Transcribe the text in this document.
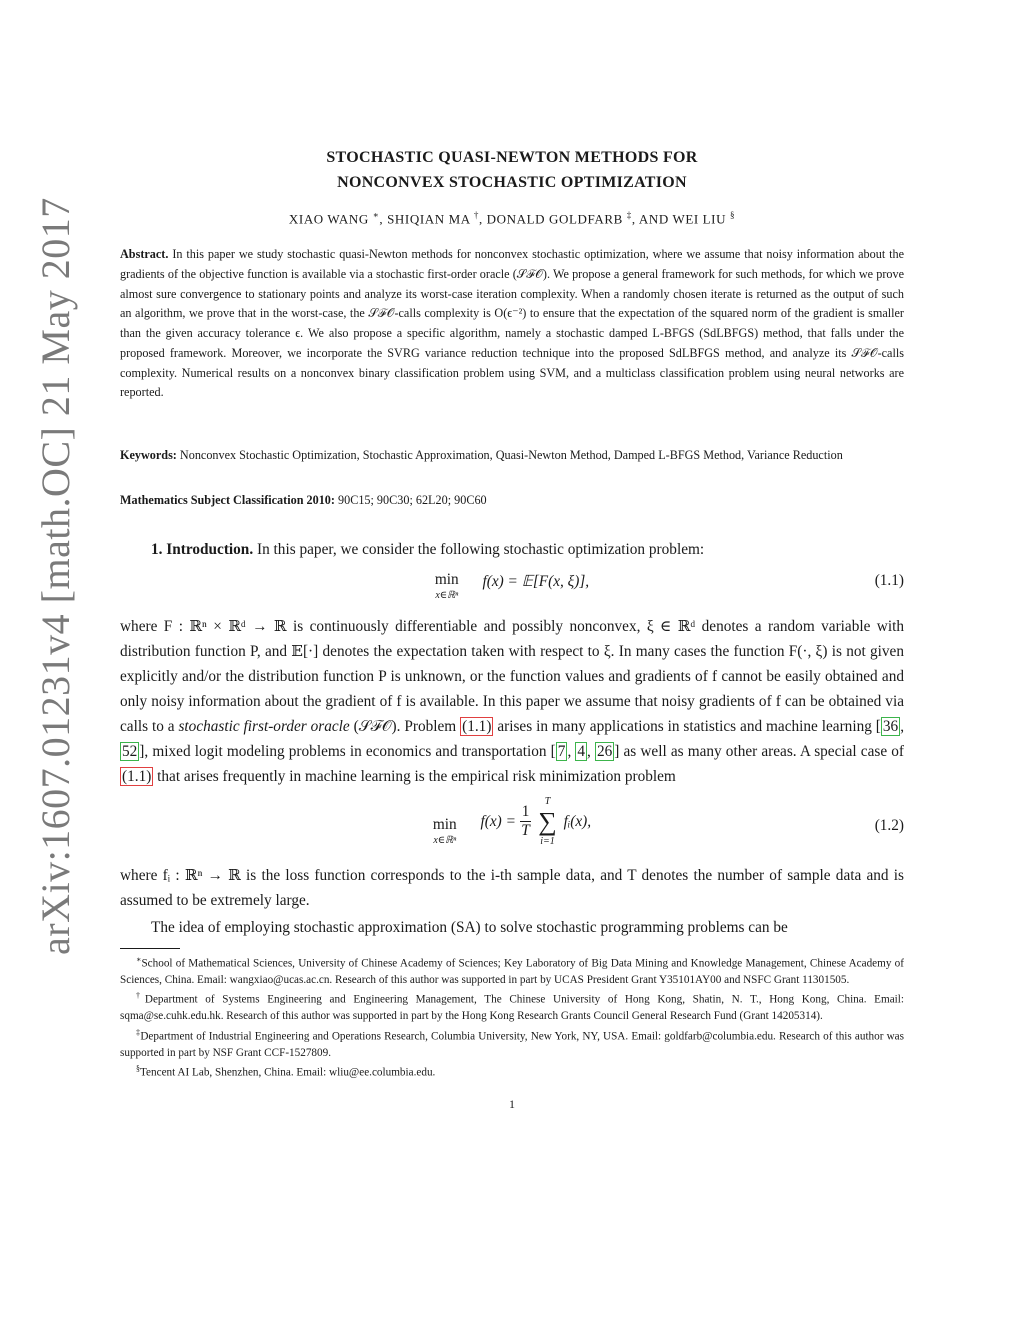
arXiv:1607.01231v4 [math.OC] 21 May 2017
STOCHASTIC QUASI-NEWTON METHODS FOR
NONCONVEX STOCHASTIC OPTIMIZATION
XIAO WANG ∗, SHIQIAN MA †, DONALD GOLDFARB ‡, AND WEI LIU §
Abstract. In this paper we study stochastic quasi-Newton methods for nonconvex stochastic optimization, where we assume that noisy information about the gradients of the objective function is available via a stochastic first-order oracle (𝒮ℱ𝒪). We propose a general framework for such methods, for which we prove almost sure convergence to stationary points and analyze its worst-case iteration complexity. When a randomly chosen iterate is returned as the output of such an algorithm, we prove that in the worst-case, the 𝒮ℱ𝒪-calls complexity is O(ϵ⁻²) to ensure that the expectation of the squared norm of the gradient is smaller than the given accuracy tolerance ϵ. We also propose a specific algorithm, namely a stochastic damped L-BFGS (SdLBFGS) method, that falls under the proposed framework. Moreover, we incorporate the SVRG variance reduction technique into the proposed SdLBFGS method, and analyze its 𝒮ℱ𝒪-calls complexity. Numerical results on a nonconvex binary classification problem using SVM, and a multiclass classification problem using neural networks are reported.
Keywords: Nonconvex Stochastic Optimization, Stochastic Approximation, Quasi-Newton Method, Damped L-BFGS Method, Variance Reduction
Mathematics Subject Classification 2010: 90C15; 90C30; 62L20; 90C60

1. Introduction. In this paper, we consider the following stochastic optimization problem:

min
x∈ℝⁿ
f(x) = 𝔼[F(x, ξ)],	(1.1)

where F : ℝⁿ × ℝᵈ → ℝ is continuously differentiable and possibly nonconvex, ξ ∈ ℝᵈ denotes a random variable with distribution function P, and 𝔼[·] denotes the expectation taken with respect to ξ. In many cases the function F(·, ξ) is not given explicitly and/or the distribution function P is unknown, or the function values and gradients of f cannot be easily obtained and only noisy information about the gradient of f is available. In this paper we assume that noisy gradients of f can be obtained via calls to a stochastic first-order oracle (𝒮ℱ𝒪). Problem (1.1) arises in many applications in statistics and machine learning [ 36 , 52 ], mixed logit modeling problems in economics and transportation [ 7 , 4 , 26 ] as well as many other areas. A special case of (1.1) that arises frequently in machine learning is the empirical risk minimization problem

min
x∈ℝⁿ
$f(x) = \frac{1}{T}$
T
∑
i=1
fᵢ(x),	(1.2)

where fᵢ : ℝⁿ → ℝ is the loss function corresponds to the i-th sample data, and T denotes the number of sample data and is assumed to be extremely large.

The idea of employing stochastic approximation (SA) to solve stochastic programming problems can be

∗School of Mathematical Sciences, University of Chinese Academy of Sciences; Key Laboratory of Big Data Mining and Knowledge Management, Chinese Academy of Sciences, China. Email: wangxiao@ucas.ac.cn. Research of this author was supported in part by UCAS President Grant Y35101AY00 and NSFC Grant 11301505.

†Department of Systems Engineering and Engineering Management, The Chinese University of Hong Kong, Shatin, N. T., Hong Kong, China. Email: sqma@se.cuhk.edu.hk. Research of this author was supported in part by the Hong Kong Research Grants Council General Research Fund (Grant 14205314).

‡Department of Industrial Engineering and Operations Research, Columbia University, New York, NY, USA. Email: goldfarb@columbia.edu. Research of this author was supported in part by NSF Grant CCF-1527809.

§Tencent AI Lab, Shenzhen, China. Email: wliu@ee.columbia.edu.

1
